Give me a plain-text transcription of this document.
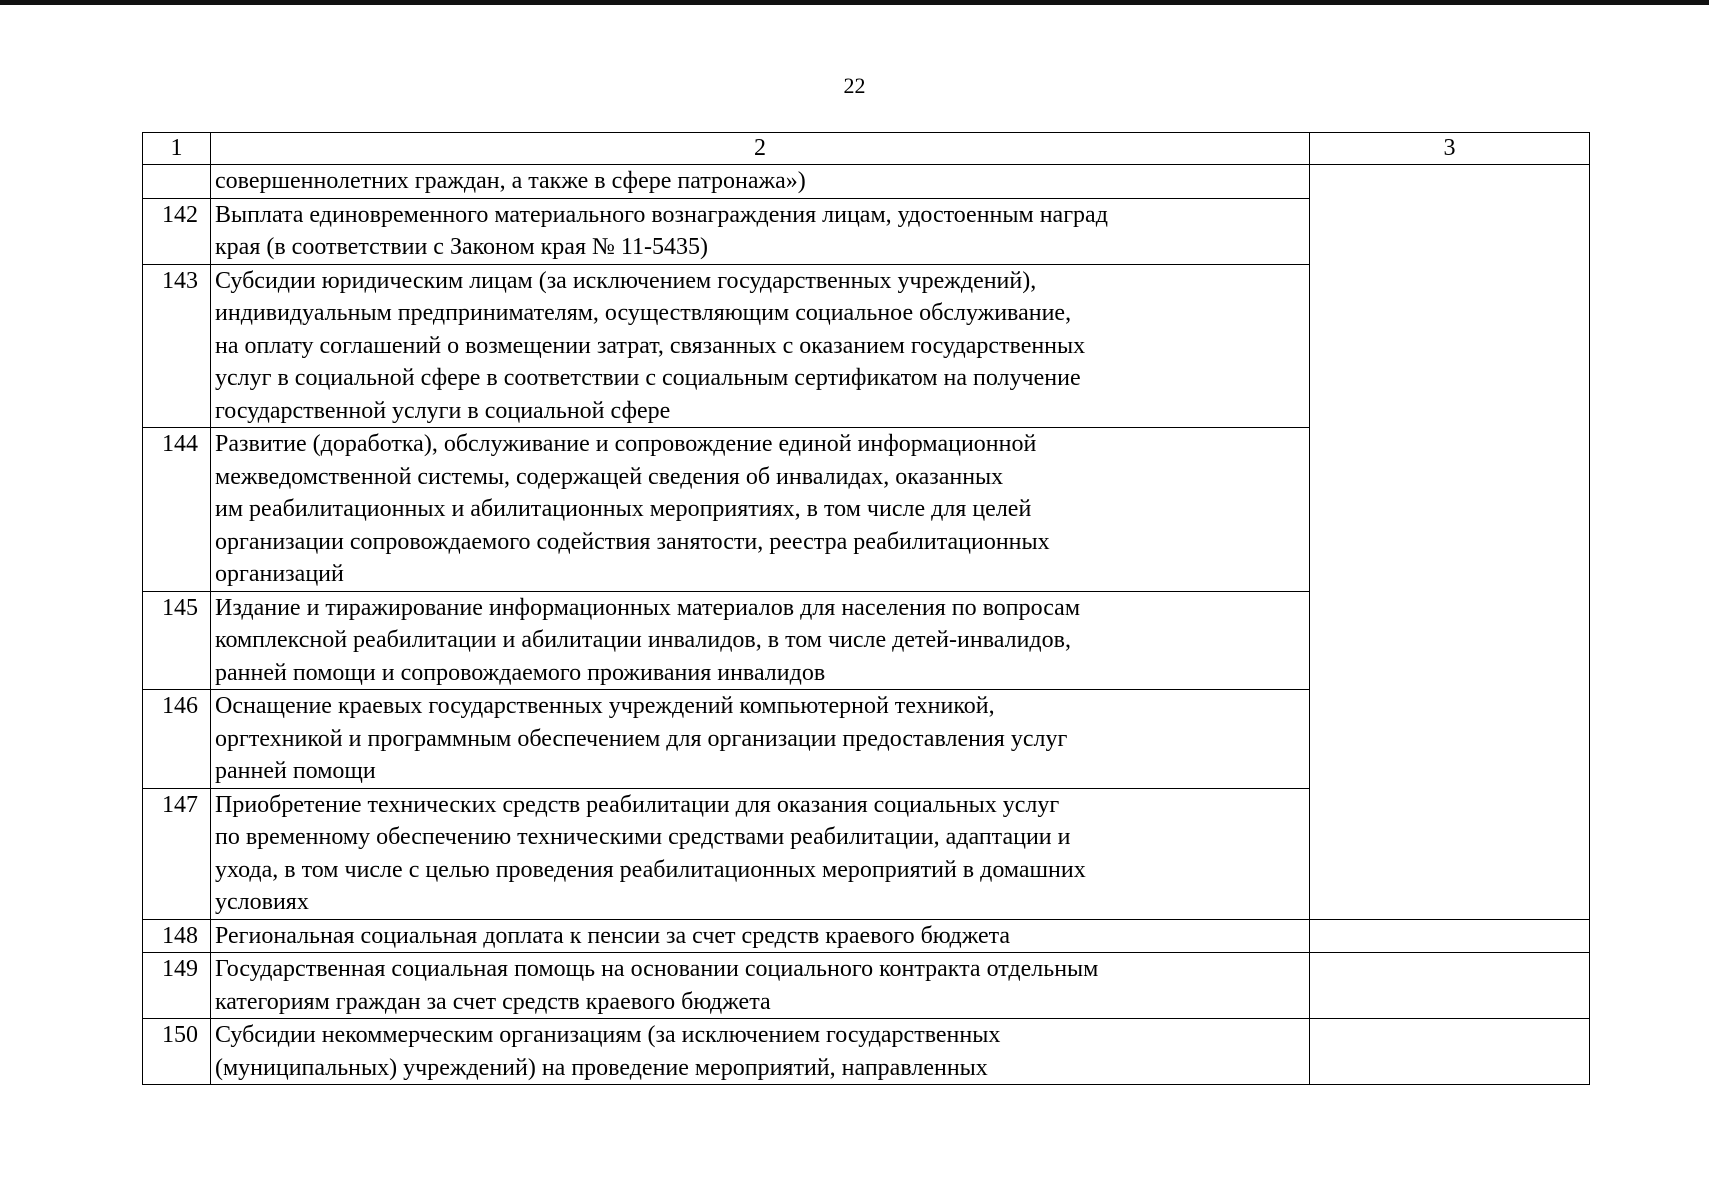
22
1	2	3
	совершеннолетних граждан, а также в сфере патронажа»)	
142	Выплата единовременного материального вознаграждения лицам, удостоенным наград
края (в соответствии с Законом края № 11-5435)	
143	Субсидии юридическим лицам (за исключением государственных учреждений),
индивидуальным предпринимателям, осуществляющим социальное обслуживание,
на оплату соглашений о возмещении затрат, связанных с оказанием государственных
услуг в социальной сфере в соответствии с социальным сертификатом на получение
государственной услуги в социальной сфере	
144	Развитие (доработка), обслуживание и сопровождение единой информационной
межведомственной системы, содержащей сведения об инвалидах, оказанных
им реабилитационных и абилитационных мероприятиях, в том числе для целей
организации сопровождаемого содействия занятости, реестра реабилитационных
организаций	
145	Издание и тиражирование информационных материалов для населения по вопросам
комплексной реабилитации и абилитации инвалидов, в том числе детей-инвалидов,
ранней помощи и сопровождаемого проживания инвалидов	
146	Оснащение краевых государственных учреждений компьютерной техникой,
оргтехникой и программным обеспечением для организации предоставления услуг
ранней помощи	
147	Приобретение технических средств реабилитации для оказания социальных услуг
по временному обеспечению техническими средствами реабилитации, адаптации и
ухода, в том числе с целью проведения реабилитационных мероприятий в домашних
условиях	
148	Региональная социальная доплата к пенсии за счет средств краевого бюджета	
149	Государственная социальная помощь на основании социального контракта отдельным
категориям граждан за счет средств краевого бюджета	
150	Субсидии некоммерческим организациям (за исключением государственных
(муниципальных) учреждений) на проведение мероприятий, направленных	
